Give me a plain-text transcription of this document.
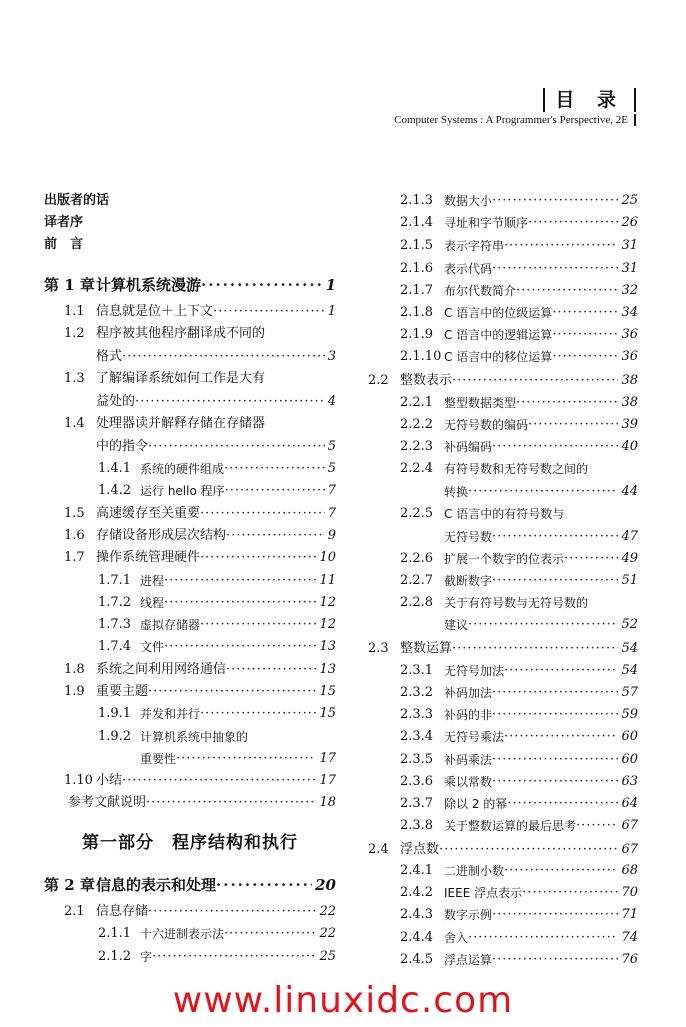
目 录
Computer Systems : A Programmer's Perspective, 2E
出版者的话
译者序
前　言
第 1 章 计算机系统漫游 ·····	1
1.1 信息就是位＋上下文 ·····	1
1.2 程序被其他程序翻译成不同的
格式 ·····	3
1.3 了解编译系统如何工作是大有
益处的 ·····	4
1.4 处理器读并解释存储在存储器
中的指令 ·····	5
1.4.1 系统的硬件组成 ·····	5
1.4.2 运行 hello 程序 ·····	7
1.5 高速缓存至关重要 ·····	7
1.6 存储设备形成层次结构 ·····	9
1.7 操作系统管理硬件 ·····	10
1.7.1 进程 ·····	11
1.7.2 线程 ·····	12
1.7.3 虚拟存储器 ·····	12
1.7.4 文件 ·····	13
1.8 系统之间利用网络通信 ·····	13
1.9 重要主题 ·····	15
1.9.1 并发和并行 ·····	15
1.9.2 计算机系统中抽象的
重要性 ·····	17
1.10 小结 ·····	17
参考文献说明 ·····	18
第一部分　程序结构和执行
第 2 章 信息的表示和处理 ·····	20
2.1 信息存储 ·····	22
2.1.1 十六进制表示法 ·····	22
2.1.2 字 ·····	25
2.1.3 数据大小 ·····	25
2.1.4 寻址和字节顺序 ·····	26
2.1.5 表示字符串 ·····	31
2.1.6 表示代码 ·····	31
2.1.7 布尔代数简介 ·····	32
2.1.8 C 语言中的位级运算 ·····	34
2.1.9 C 语言中的逻辑运算 ·····	36
2.1.10 C 语言中的移位运算 ·····	36
2.2 整数表示 ·····	38
2.2.1 整型数据类型 ·····	38
2.2.2 无符号数的编码 ·····	39
2.2.3 补码编码 ·····	40
2.2.4 有符号数和无符号数之间的
转换 ·····	44
2.2.5 C 语言中的有符号数与
无符号数 ·····	47
2.2.6 扩展一个数字的位表示 ·····	49
2.2.7 截断数字 ·····	51
2.2.8 关于有符号数与无符号数的
建议 ·····	52
2.3 整数运算 ·····	54
2.3.1 无符号加法 ·····	54
2.3.2 补码加法 ·····	57
2.3.3 补码的非 ·····	59
2.3.4 无符号乘法 ·····	60
2.3.5 补码乘法 ·····	60
2.3.6 乘以常数 ·····	63
2.3.7 除以 2 的幂 ·····	64
2.3.8 关于整数运算的最后思考 ·····	67
2.4 浮点数 ·····	67
2.4.1 二进制小数 ·····	68
2.4.2 IEEE 浮点表示 ·····	70
2.4.3 数字示例 ·····	71
2.4.4 舍入 ·····	74
2.4.5 浮点运算 ·····	76
www.linuxidc.com
